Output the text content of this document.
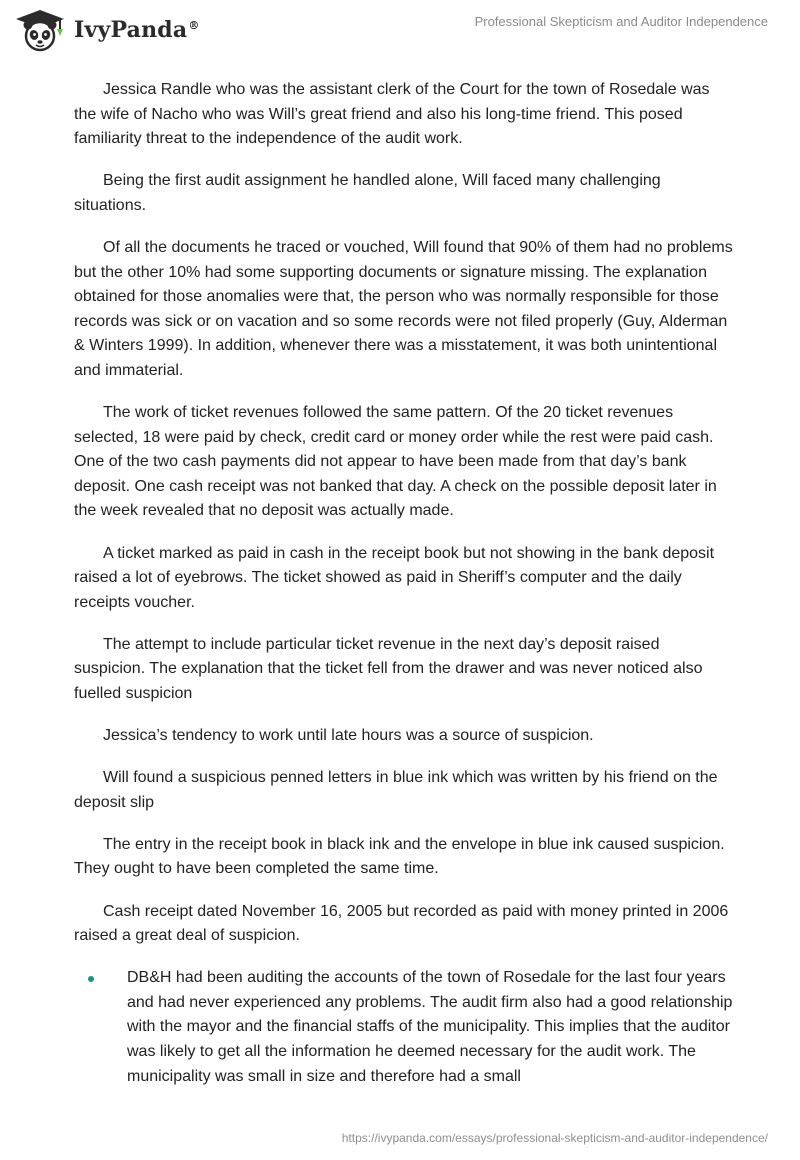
IvyPanda®	Professional Skepticism and Auditor Independence

Jessica Randle who was the assistant clerk of the Court for the town of Rosedale was the wife of Nacho who was Will’s great friend and also his long-time friend. This posed familiarity threat to the independence of the audit work.

Being the first audit assignment he handled alone, Will faced many challenging situations.

Of all the documents he traced or vouched, Will found that 90% of them had no problems but the other 10% had some supporting documents or signature missing. The explanation obtained for those anomalies were that, the person who was normally responsible for those records was sick or on vacation and so some records were not filed properly (Guy, Alderman & Winters 1999). In addition, whenever there was a misstatement, it was both unintentional and immaterial.

The work of ticket revenues followed the same pattern. Of the 20 ticket revenues selected, 18 were paid by check, credit card or money order while the rest were paid cash. One of the two cash payments did not appear to have been made from that day’s bank deposit. One cash receipt was not banked that day. A check on the possible deposit later in the week revealed that no deposit was actually made.

A ticket marked as paid in cash in the receipt book but not showing in the bank deposit raised a lot of eyebrows. The ticket showed as paid in Sheriff’s computer and the daily receipts voucher.

The attempt to include particular ticket revenue in the next day’s deposit raised suspicion. The explanation that the ticket fell from the drawer and was never noticed also fuelled suspicion

Jessica’s tendency to work until late hours was a source of suspicion.

Will found a suspicious penned letters in blue ink which was written by his friend on the deposit slip

The entry in the receipt book in black ink and the envelope in blue ink caused suspicion. They ought to have been completed the same time.

Cash receipt dated November 16, 2005 but recorded as paid with money printed in 2006 raised a great deal of suspicion.

DB&H had been auditing the accounts of the town of Rosedale for the last four years and had never experienced any problems. The audit firm also had a good relationship with the mayor and the financial staffs of the municipality. This implies that the auditor was likely to get all the information he deemed necessary for the audit work. The municipality was small in size and therefore had a small
https://ivypanda.com/essays/professional-skepticism-and-auditor-independence/
